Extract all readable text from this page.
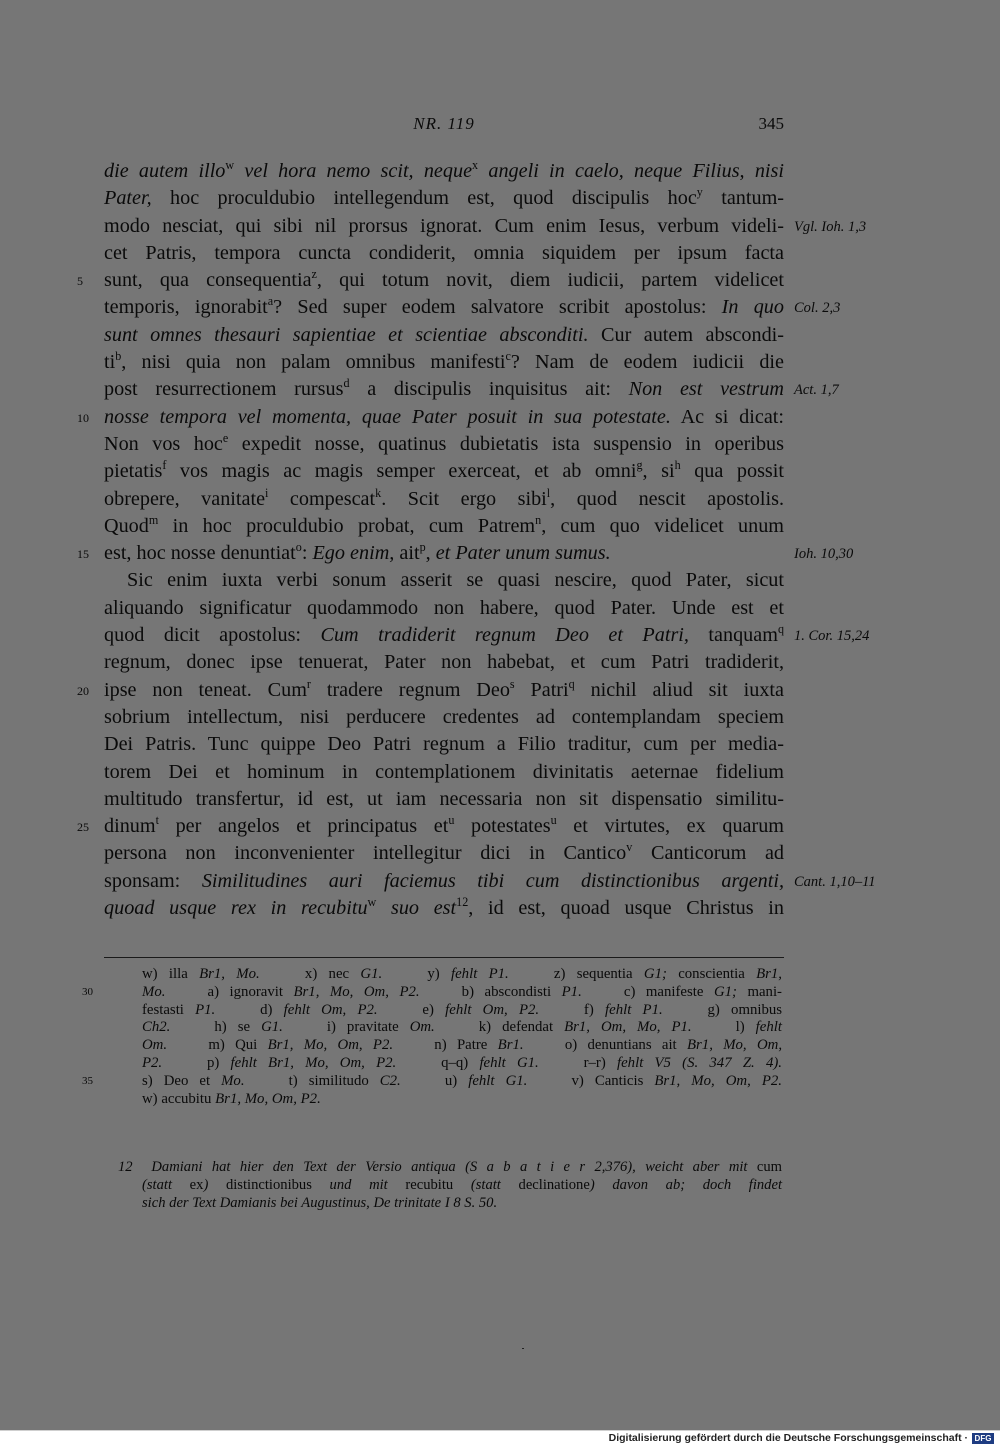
NR. 119	345
die autem illo$^w$ vel hora nemo scit, neque$^x$ angeli in caelo, neque Filius, nisi
Pater, hoc proculdubio intellegendum est, quod discipulis hoc$^y$ tantum-
modo nesciat, qui sibi nil prorsus ignorat. Cum enim Iesus, verbum videli- Vgl. Ioh. 1,3
cet Patris, tempora cuncta condiderit, omnia siquidem per ipsum facta
sunt, qua consequentia$^z$, qui totum novit, diem iudicii, partem videlicet
5
temporis, ignorabit$^a$? Sed super eodem salvatore scribit apostolus: In quo Col. 2,3
sunt omnes thesauri sapientiae et scientiae absconditi. Cur autem abscondi-
$ti^b$, nisi quia non palam omnibus manifesti$^c$? Nam de eodem iudicii die
post resurrectionem rursus$^d$ a discipulis inquisitus ait: Non est vestrum Act. 1,7
nosse tempora vel momenta, quae Pater posuit in sua potestate. Ac si dicat:
10
Non vos hoc$^e$ expedit nosse, quatinus dubietatis ista suspensio in operibus
pietatis$^f$ vos magis ac magis semper exerceat, et ab omni$^g$, $si^h$ qua possit
obrepere, vanitate$^i$ compescat$^k$. Scit ergo sibi$^l$, quod nescit apostolis.
Quod$^m$ in hoc proculdubio probat, cum Patrem$^n$, cum quo videlicet unum
est, hoc nosse denuntiat$^o$: Ego enim, ait$^p$, et Pater unum sumus.
15	Ioh. 10,30
Sic enim iuxta verbi sonum asserit se quasi nescire, quod Pater, sicut
aliquando significatur quodammodo non habere, quod Pater. Unde est et
quod dicit apostolus: Cum tradiderit regnum Deo et Patri, tanquam$^q$ 1. Cor. 15,24
regnum, donec ipse tenuerat, Pater non habebat, et cum Patri tradiderit,
ipse non teneat. Cum$^r$ tradere regnum Deo$^s$ Patri$^q$ nichil aliud sit iuxta
20
sobrium intellectum, nisi perducere credentes ad contemplandam speciem
Dei Patris. Tunc quippe Deo Patri regnum a Filio traditur, cum per media-
torem Dei et hominum in contemplationem divinitatis aeternae fidelium
multitudo transfertur, id est, ut iam necessaria non sit dispensatio similitu-
dinum$^t$ per angelos et principatus $et^u$ potestates$^u$ et virtutes, ex quarum
25
persona non inconvenienter intellegitur dici in Cantico$^v$ Canticorum ad
sponsam: Similitudines auri faciemus tibi cum distinctionibus argenti, Cant. 1,10–11
quoad usque rex in recubitu$^w$ suo est$^{12}$, id est, quoad usque Christus in
w) illa Br1, Mo.    x) nec G1.    y) fehlt P1.    z) sequentia G1; conscientia Br1,
Mo.    a) ignoravit Br1, Mo, Om, P2.    b) abscondisti P1.    c) manifeste G1; mani-
30
festasti P1.    d) fehlt Om, P2.    e) fehlt Om, P2.    f) fehlt P1.    g) omnibus
Ch2.    h) se G1.    i) pravitate Om.    k) defendat Br1, Om, Mo, P1.    l) fehlt
Om.    m) Qui Br1, Mo, Om, P2.    n) Patre Br1.    o) denuntians ait Br1, Mo, Om,
P2.    p) fehlt Br1, Mo, Om, P2.    q–q) fehlt G1.    r–r) fehlt V5 (S. 347 Z. 4).
s) Deo et Mo.    t) similitudo C2.    u) fehlt G1.    v) Canticis Br1, Mo, Om, P2.
35
w) accubitu Br1, Mo, Om, P2.
12  Damiani hat hier den Text der Versio antiqua (S a b a t i e r 2,376), weicht aber mit cum
(statt ex) distinctionibus und mit recubitu (statt declinatione) davon ab; doch findet
sich der Text Damianis bei Augustinus, De trinitate I 8 S. 50.
Digitalisierung gefördert durch die Deutsche Forschungsgemeinschaft · DFG
